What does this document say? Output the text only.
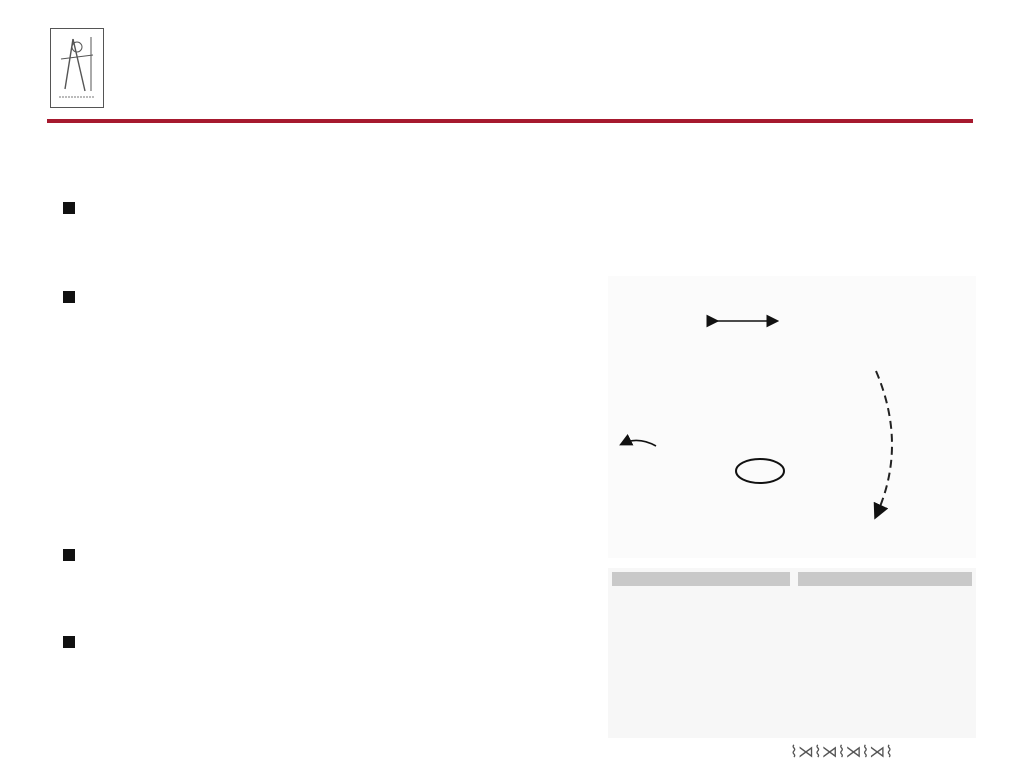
⌇⋊⌇⋊⌇⋊⌇⋊⌇
